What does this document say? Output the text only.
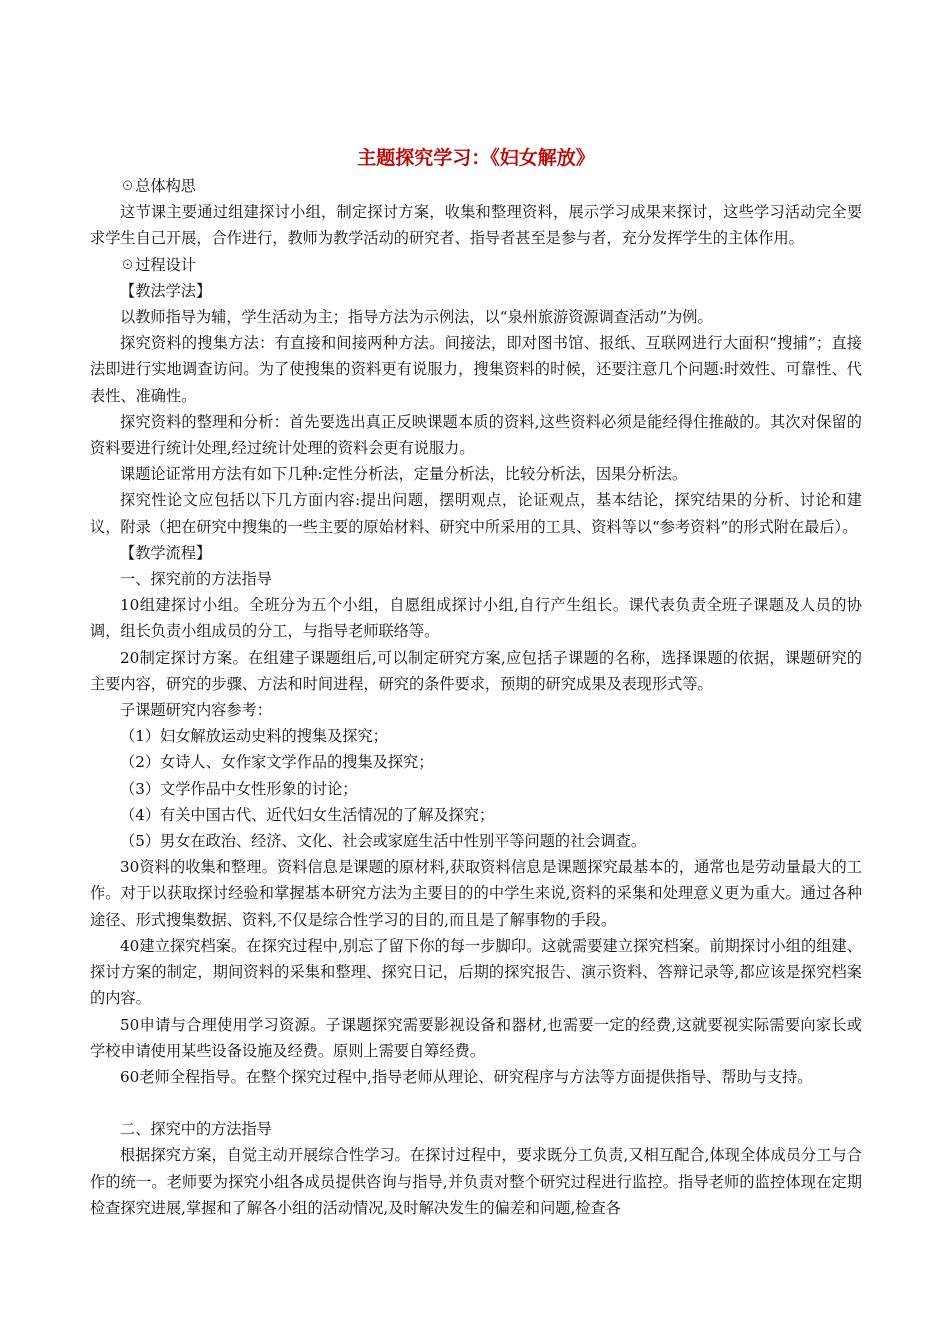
主题探究学习：《妇女解放》

☉总体构思

这节课主要通过组建探讨小组，制定探讨方案，收集和整理资料，展示学习成果来探讨，这些学习活动完全要求学生自己开展，合作进行，教师为教学活动的研究者、指导者甚至是参与者，充分发挥学生的主体作用。

☉过程设计

【教法学法】

以教师指导为辅，学生活动为主；指导方法为示例法，以“泉州旅游资源调查活动”为例。

探究资料的搜集方法：有直接和间接两种方法。间接法，即对图书馆、报纸、互联网进行大面积“搜捕”；直接法即进行实地调查访问。为了使搜集的资料更有说服力，搜集资料的时候，还要注意几个问题:时效性、可靠性、代表性、准确性。

探究资料的整理和分析：首先要选出真正反映课题本质的资料,这些资料必须是能经得住推敲的。其次对保留的资料要进行统计处理,经过统计处理的资料会更有说服力。

课题论证常用方法有如下几种:定性分析法，定量分析法，比较分析法，因果分析法。

探究性论文应包括以下几方面内容:提出问题，摆明观点，论证观点，基本结论，探究结果的分析、讨论和建议，附录（把在研究中搜集的一些主要的原始材料、研究中所采用的工具、资料等以“参考资料”的形式附在最后）。

【教学流程】

一、探究前的方法指导

10组建探讨小组。全班分为五个小组，自愿组成探讨小组,自行产生组长。课代表负责全班子课题及人员的协调，组长负责小组成员的分工，与指导老师联络等。

20制定探讨方案。在组建子课题组后,可以制定研究方案,应包括子课题的名称，选择课题的依据，课题研究的主要内容，研究的步骤、方法和时间进程，研究的条件要求，预期的研究成果及表现形式等。

子课题研究内容参考：

（1）妇女解放运动史料的搜集及探究；

（2）女诗人、女作家文学作品的搜集及探究；

（3）文学作品中女性形象的讨论；

（4）有关中国古代、近代妇女生活情况的了解及探究；

（5）男女在政治、经济、文化、社会或家庭生活中性别平等问题的社会调查。

30资料的收集和整理。资料信息是课题的原材料,获取资料信息是课题探究最基本的，通常也是劳动量最大的工作。对于以获取探讨经验和掌握基本研究方法为主要目的的中学生来说,资料的采集和处理意义更为重大。通过各种途径、形式搜集数据、资料,不仅是综合性学习的目的,而且是了解事物的手段。

40建立探究档案。在探究过程中,别忘了留下你的每一步脚印。这就需要建立探究档案。前期探讨小组的组建、探讨方案的制定，期间资料的采集和整理、探究日记，后期的探究报告、演示资料、答辩记录等,都应该是探究档案的内容。

50申请与合理使用学习资源。子课题探究需要影视设备和器材,也需要一定的经费,这就要视实际需要向家长或学校申请使用某些设备设施及经费。原则上需要自筹经费。

60老师全程指导。在整个探究过程中,指导老师从理论、研究程序与方法等方面提供指导、帮助与支持。

二、探究中的方法指导

根据探究方案，自觉主动开展综合性学习。在探讨过程中，要求既分工负责,又相互配合,体现全体成员分工与合作的统一。老师要为探究小组各成员提供咨询与指导,并负责对整个研究过程进行监控。指导老师的监控体现在定期检查探究进展,掌握和了解各小组的活动情况,及时解决发生的偏差和问题,检查各
